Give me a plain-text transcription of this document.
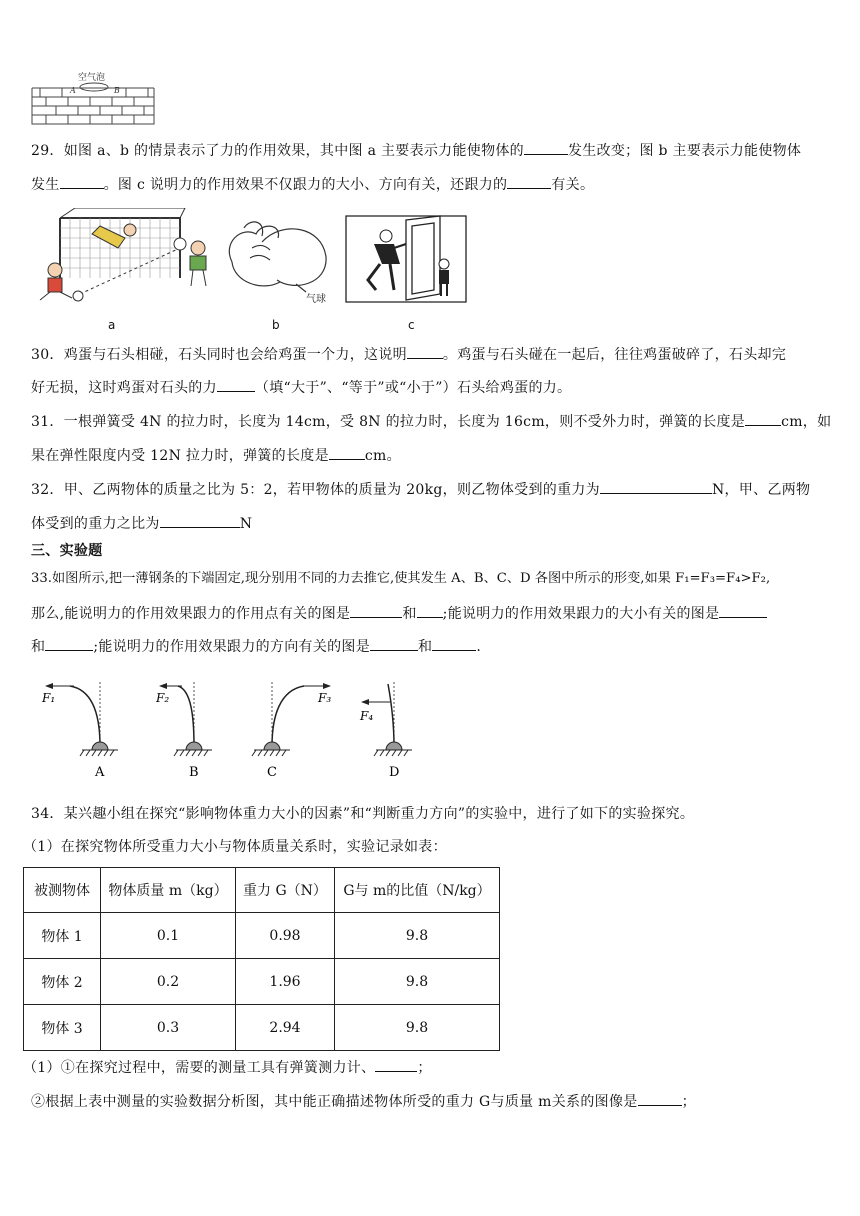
空气泡
A	B
29．如图 a、b 的情景表示了力的作用效果，其中图 a 主要表示力能使物体的	发生改变；图 b 主要表示力能使物体
发生	。图 c 说明力的作用效果不仅跟力的大小、方向有关，还跟力的	有关。
a
气球
b	c
30．鸡蛋与石头相碰，石头同时也会给鸡蛋一个力，这说明	。鸡蛋与石头碰在一起后，往往鸡蛋破碎了，石头却完
好无损，这时鸡蛋对石头的力	（填“大于”、“等于”或“小于”）石头给鸡蛋的力。
31．一根弹簧受 4N 的拉力时，长度为 14cm，受 8N 的拉力时，长度为 16cm，则不受外力时，弹簧的长度是	cm，如
果在弹性限度内受 12N 拉力时，弹簧的长度是	cm。
32．甲、乙两物体的质量之比为 5：2，若甲物体的质量为 20kg，则乙物体受到的重力为	N，甲、乙两物
体受到的重力之比为	N
三、实验题
33.如图所示,把一薄钢条的下端固定,现分别用不同的力去推它,使其发生 A、B、C、D 各图中所示的形变,如果 F₁=F₃=F₄>F₂,
那么,能说明力的作用效果跟力的作用点有关的图是	和 ;能说明力的作用效果跟力的大小有关的图是
和	;能说明力的作用效果跟力的方向有关的图是	和	.
F₁
A
F₂
B
F₃
C
F₄
D
34．某兴趣小组在探究“影响物体重力大小的因素”和“判断重力方向”的实验中，进行了如下的实验探究。
（1）在探究物体所受重力大小与物体质量关系时，实验记录如表：
被测物体	物体质量 m（kg）	重力 G（N）	G与 m的比值（N/kg）
物体 1	0.1	0.98	9.8
物体 2	0.2	1.96	9.8
物体 3	0.3	2.94	9.8
（1）①在探究过程中，需要的测量工具有弹簧测力计、	；
②根据上表中测量的实验数据分析图，其中能正确描述物体所受的重力 G与质量 m关系的图像是	；
